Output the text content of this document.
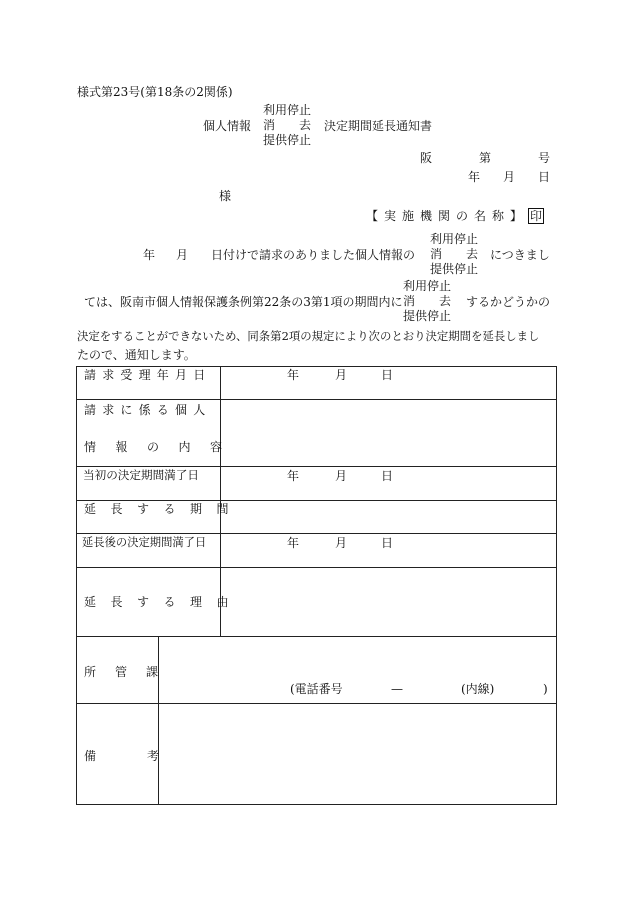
様式第23号(第18条の2関係)
個人情報
利用停止
消　　去
提供停止
決定期間延長通知書
阪	第	号
年 月 日
様
【実施機関の名称】 印
年 月 日付けで請求のありました個人情報の
利用停止
消　　去
提供停止
につきまし
ては、阪南市個人情報保護条例第22条の3第1項の期間内に
利用停止
消　　去
提供停止
するかどうかの
決定をすることができないため、同条第2項の規定により次のとおり決定期間を延長しまし
たので、通知します。
請求受理年月日	年	月	日
請求に係る個人
情報の内容
当初の決定期間満了日	年	月	日
延長する期間
延長後の決定期間満了日	年	月	日
延長する理由
所管課
(電話番号	—	(内線)	)
備考
